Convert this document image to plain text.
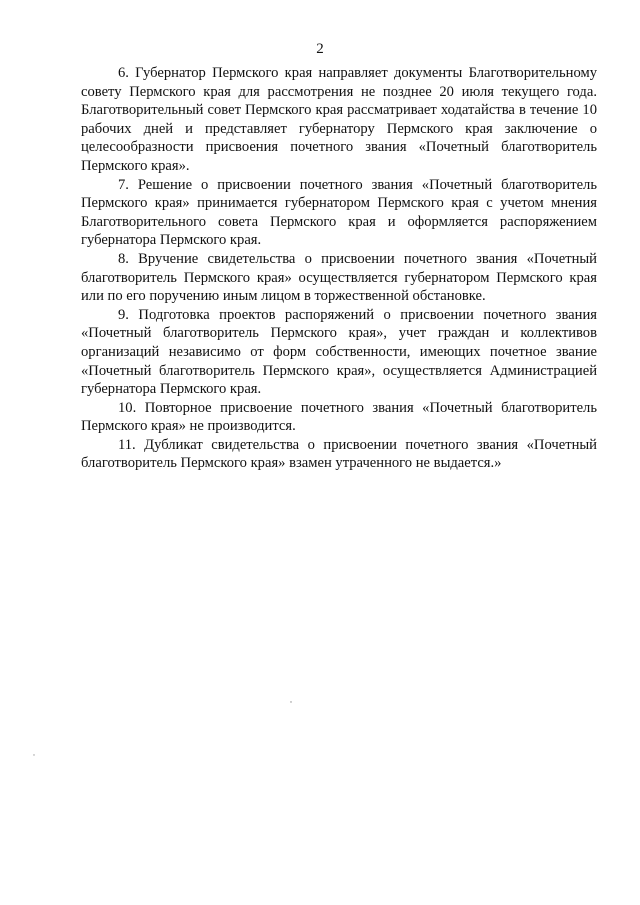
2

6. Губернатор Пермского края направляет документы Благотворительному совету Пермского края для рассмотрения не позднее 20 июля текущего года. Благотворительный совет Пермского края рассматривает ходатайства в течение 10 рабочих дней и представляет губернатору Пермского края заключение о целесообразности присвоения почетного звания «Почетный благотворитель Пермского края».

7. Решение о присвоении почетного звания «Почетный благотворитель Пермского края» принимается губернатором Пермского края с учетом мнения Благотворительного совета Пермского края и оформляется распоряжением губернатора Пермского края.

8. Вручение свидетельства о присвоении почетного звания «Почетный благотворитель Пермского края» осуществляется губернатором Пермского края или по его поручению иным лицом в торжественной обстановке.

9. Подготовка проектов распоряжений о присвоении почетного звания «Почетный благотворитель Пермского края», учет граждан и коллективов организаций независимо от форм собственности, имеющих почетное звание «Почетный благотворитель Пермского края», осуществляется Администрацией губернатора Пермского края.

10. Повторное присвоение почетного звания «Почетный благотворитель Пермского края» не производится.

11. Дубликат свидетельства о присвоении почетного звания «Почетный благотворитель Пермского края» взамен утраченного не выдается.»
